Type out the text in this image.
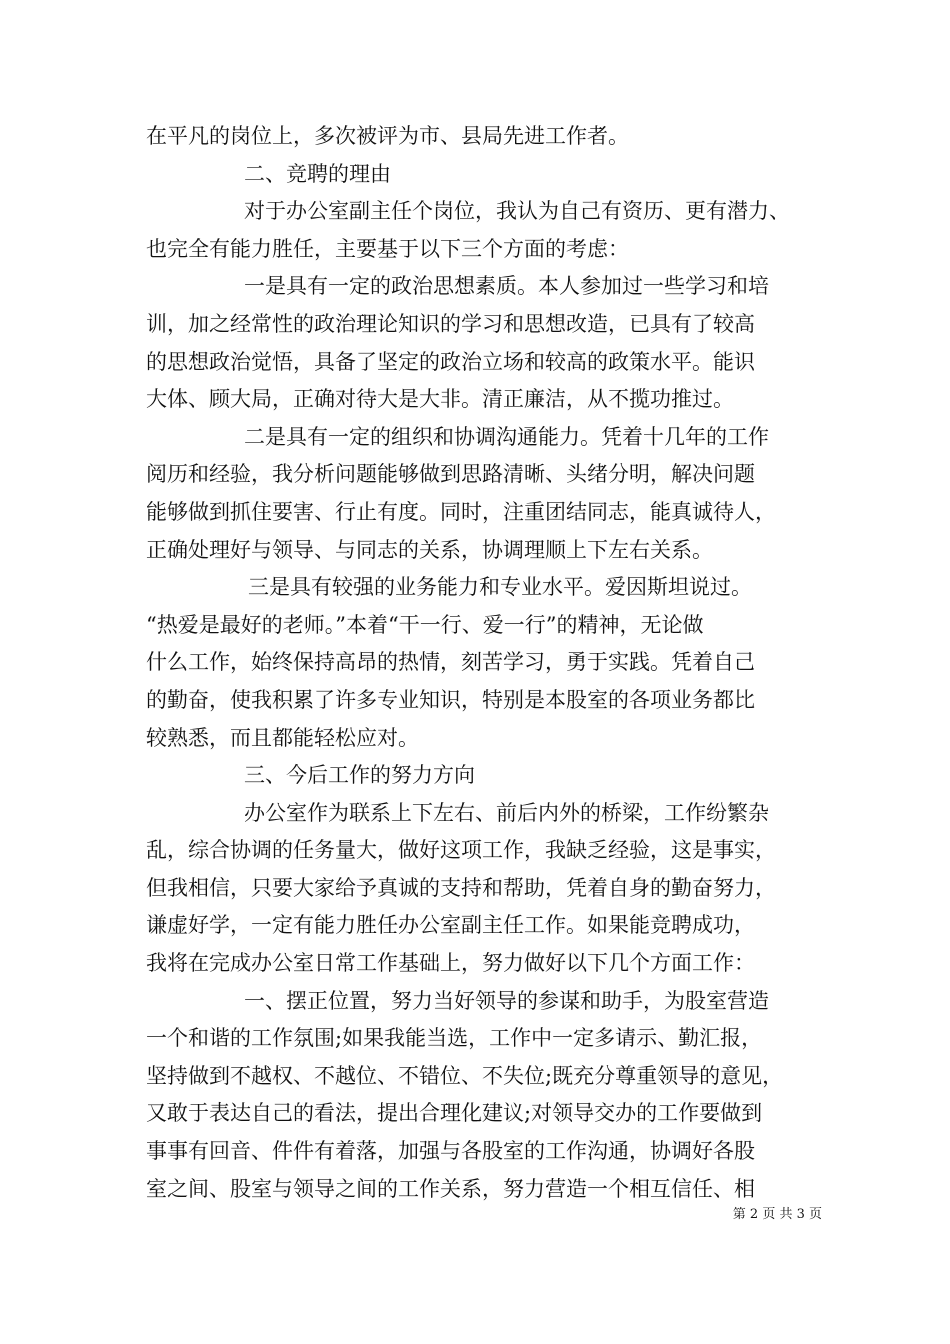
在平凡的岗位上，多次被评为市、县局先进工作者。

二、竞聘的理由

对于办公室副主任个岗位，我认为自己有资历、更有潜力、

也完全有能力胜任，主要基于以下三个方面的考虑：

一是具有一定的政治思想素质。本人参加过一些学习和培

训，加之经常性的政治理论知识的学习和思想改造，已具有了较高

的思想政治觉悟，具备了坚定的政治立场和较高的政策水平。能识

大体、顾大局，正确对待大是大非。清正廉洁，从不揽功推过。

二是具有一定的组织和协调沟通能力。凭着十几年的工作

阅历和经验，我分析问题能够做到思路清晰、头绪分明，解决问题

能够做到抓住要害、行止有度。同时，注重团结同志，能真诚待人，

正确处理好与领导、与同志的关系，协调理顺上下左右关系。

三是具有较强的业务能力和专业水平。爱因斯坦说过。

“热爱是最好的老师。”本着“干一行、爱一行”的精神，无论做

什么工作，始终保持高昂的热情，刻苦学习，勇于实践。凭着自己

的勤奋，使我积累了许多专业知识，特别是本股室的各项业务都比

较熟悉，而且都能轻松应对。

三、今后工作的努力方向

办公室作为联系上下左右、前后内外的桥梁，工作纷繁杂

乱，综合协调的任务量大，做好这项工作，我缺乏经验，这是事实，

但我相信，只要大家给予真诚的支持和帮助，凭着自身的勤奋努力，

谦虚好学，一定有能力胜任办公室副主任工作。如果能竞聘成功，

我将在完成办公室日常工作基础上，努力做好以下几个方面工作：

一、摆正位置，努力当好领导的参谋和助手，为股室营造

一个和谐的工作氛围;如果我能当选，工作中一定多请示、勤汇报，

坚持做到不越权、不越位、不错位、不失位;既充分尊重领导的意见，

又敢于表达自己的看法，提出合理化建议;对领导交办的工作要做到

事事有回音、件件有着落，加强与各股室的工作沟通，协调好各股

室之间、股室与领导之间的工作关系，努力营造一个相互信任、相

第 2 页 共 3 页
